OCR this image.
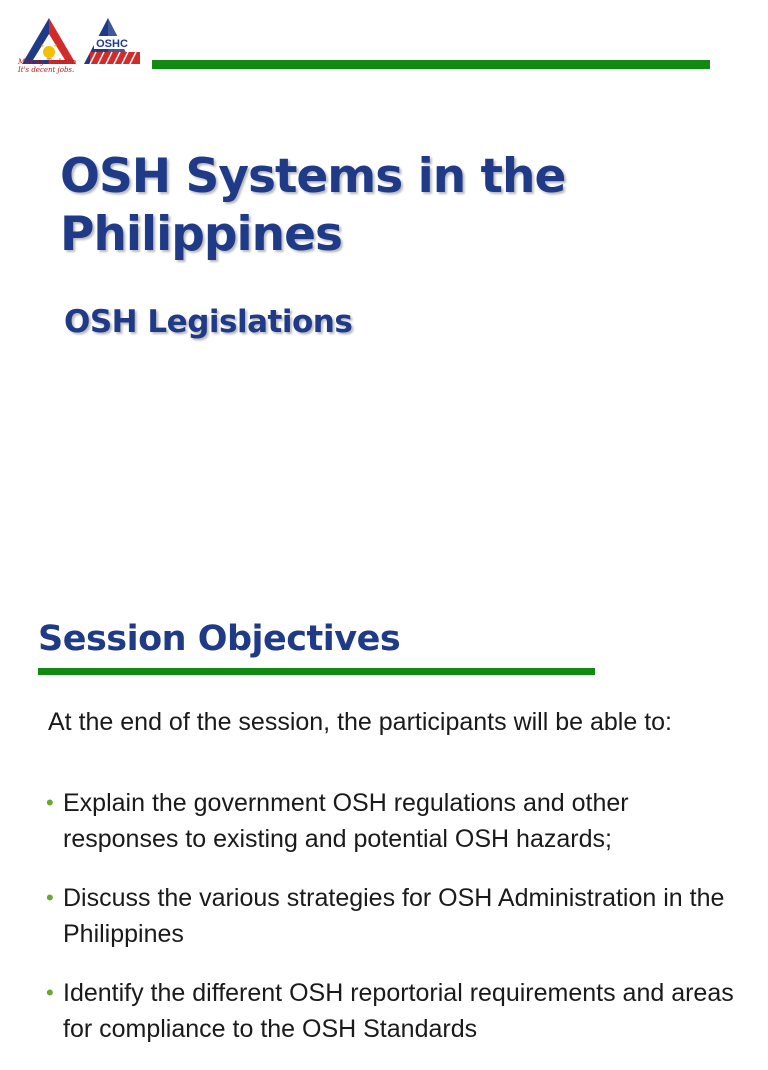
Mas ng Trabaho
It's decent jobs.
OSHC
OSH Systems in the
Philippines
OSH Legislations
Session Objectives

At the end of the session, the participants will be able to:

• Explain the government OSH regulations and other responses to existing and potential OSH hazards;
• Discuss the various strategies for OSH Administration in the Philippines
• Identify the different OSH reportorial requirements and areas for compliance to the OSH Standards
